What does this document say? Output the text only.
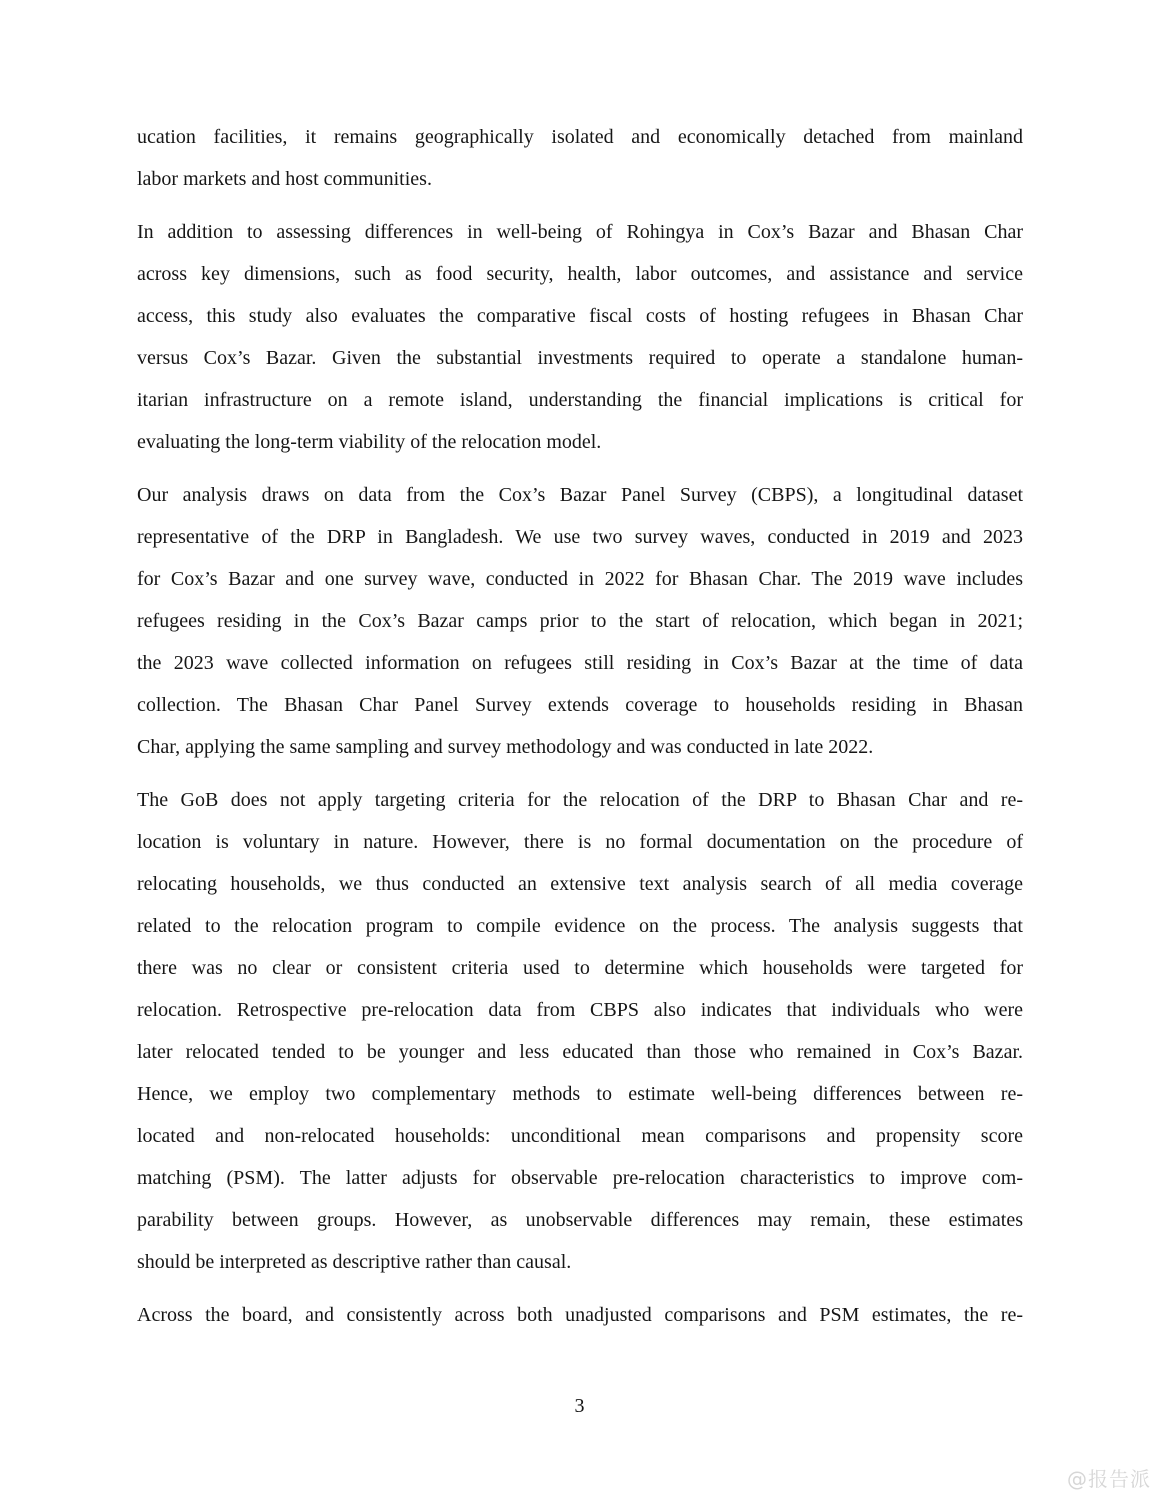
ucation facilities, it remains geographically isolated and economically detached from mainland
labor markets and host communities.
In addition to assessing differences in well-being of Rohingya in Cox’s Bazar and Bhasan Char
across key dimensions, such as food security, health, labor outcomes, and assistance and service
access, this study also evaluates the comparative fiscal costs of hosting refugees in Bhasan Char
versus Cox’s Bazar. Given the substantial investments required to operate a standalone human-
itarian infrastructure on a remote island, understanding the financial implications is critical for
evaluating the long-term viability of the relocation model.
Our analysis draws on data from the Cox’s Bazar Panel Survey (CBPS), a longitudinal dataset
representative of the DRP in Bangladesh. We use two survey waves, conducted in 2019 and 2023
for Cox’s Bazar and one survey wave, conducted in 2022 for Bhasan Char. The 2019 wave includes
refugees residing in the Cox’s Bazar camps prior to the start of relocation, which began in 2021;
the 2023 wave collected information on refugees still residing in Cox’s Bazar at the time of data
collection. The Bhasan Char Panel Survey extends coverage to households residing in Bhasan
Char, applying the same sampling and survey methodology and was conducted in late 2022.
The GoB does not apply targeting criteria for the relocation of the DRP to Bhasan Char and re-
location is voluntary in nature. However, there is no formal documentation on the procedure of
relocating households, we thus conducted an extensive text analysis search of all media coverage
related to the relocation program to compile evidence on the process. The analysis suggests that
there was no clear or consistent criteria used to determine which households were targeted for
relocation. Retrospective pre-relocation data from CBPS also indicates that individuals who were
later relocated tended to be younger and less educated than those who remained in Cox’s Bazar.
Hence, we employ two complementary methods to estimate well-being differences between re-
located and non-relocated households: unconditional mean comparisons and propensity score
matching (PSM). The latter adjusts for observable pre-relocation characteristics to improve com-
parability between groups. However, as unobservable differences may remain, these estimates
should be interpreted as descriptive rather than causal.
Across the board, and consistently across both unadjusted comparisons and PSM estimates, the re-
3
@报告派
